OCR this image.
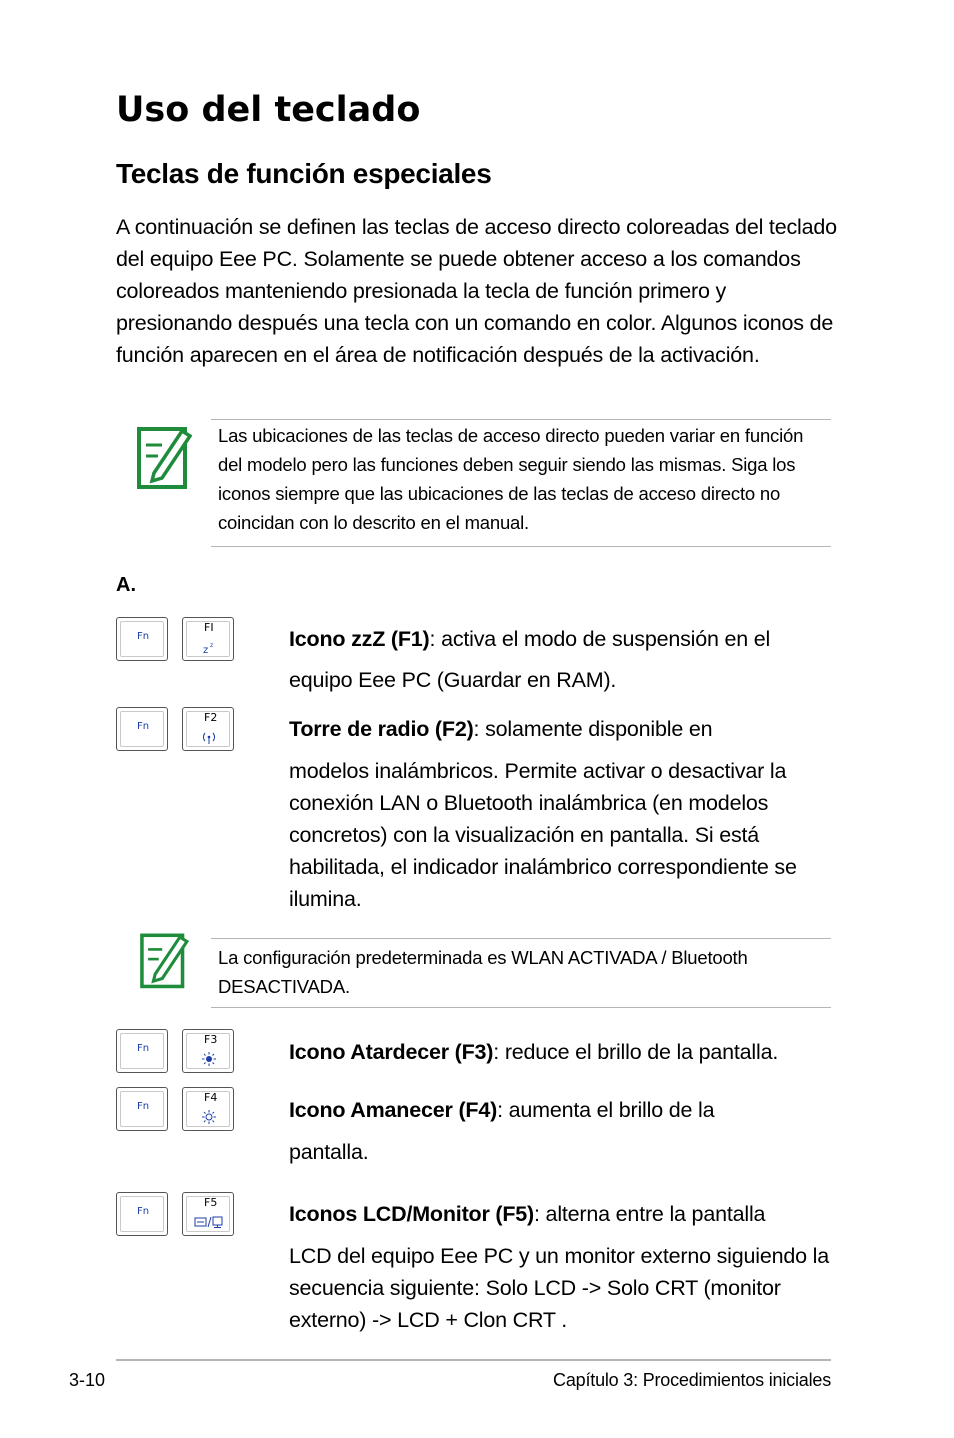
Uso del teclado
Teclas de función especiales
A continuación se definen las teclas de acceso directo coloreadas del teclado del equipo Eee PC. Solamente se puede obtener acceso a los comandos coloreados manteniendo presionada la tecla de función primero y presionando después una tecla con un comando en color. Algunos iconos de función aparecen en el área de notificación después de la activación.
Las ubicaciones de las teclas de acceso directo pueden variar en función del modelo pero las funciones deben seguir siendo las mismas. Siga los iconos siempre que las ubicaciones de las teclas de acceso directo no coincidan con lo descrito en el manual.
A.
Fn
FI
z z	Icono zzZ (F1): activa el modo de suspensión en el
equipo Eee PC (Guardar en RAM).
Fn
F2	Torre de radio (F2): solamente disponible en
modelos inalámbricos. Permite activar o desactivar la conexión LAN o Bluetooth inalámbrica (en modelos concretos) con la visualización en pantalla. Si está habilitada, el indicador inalámbrico correspondiente se ilumina.
La configuración predeterminada es WLAN ACTIVADA / Bluetooth DESACTIVADA.
Fn
F3
Icono Atardecer (F3): reduce el brillo de la pantalla.
Fn
F4
Icono Amanecer (F4): aumenta el brillo de la
pantalla.
Fn
F5	Iconos LCD/Monitor (F5): alterna entre la pantalla
LCD del equipo Eee PC y un monitor externo siguiendo la secuencia siguiente: Solo LCD -> Solo CRT (monitor externo) -> LCD + Clon CRT .
3-10	Capítulo 3: Procedimientos iniciales
